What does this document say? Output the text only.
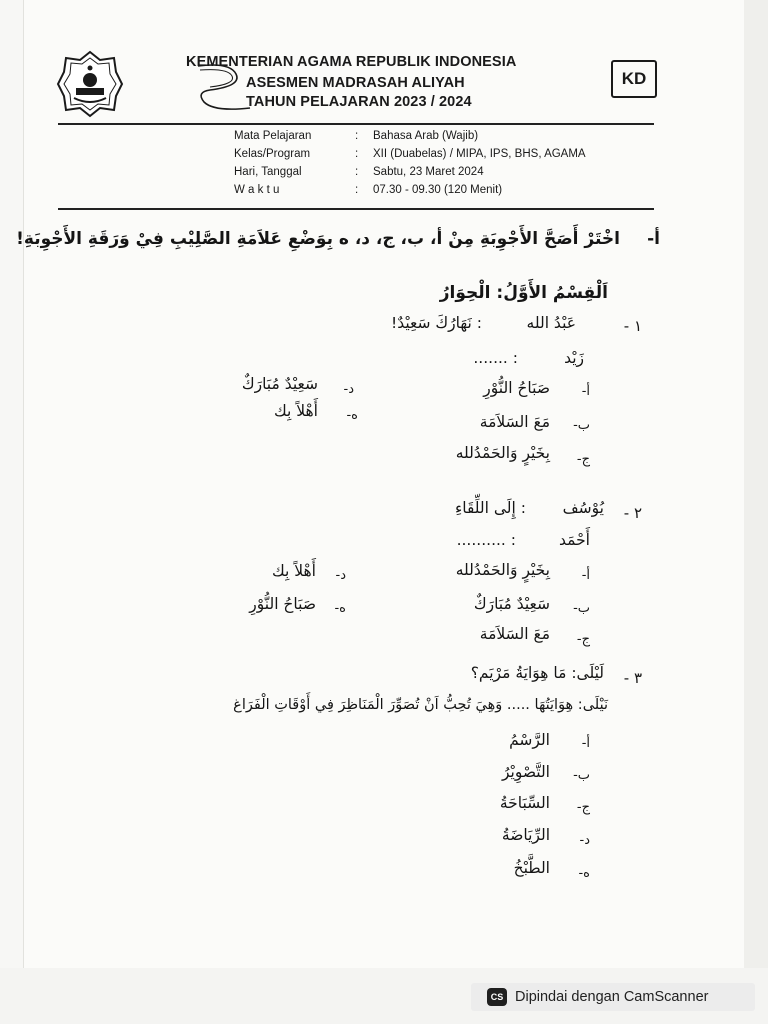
KEMENTERIAN AGAMA REPUBLIK INDONESIA
ASESMEN MADRASAH ALIYAH
TAHUN PELAJARAN 2023 / 2024
KD
Mata Pelajaran	: Bahasa Arab (Wajib)
Kelas/Program	: XII (Duabelas) / MIPA, IPS, BHS, AGAMA
Hari, Tanggal	: Sabtu, 23 Maret 2024
W a k t u	: 07.30 - 09.30 (120 Menit)
أ-
اخْتَرْ أَصَحَّ الأَجْوِبَةِ مِنْ أ، ب، ج، د، ه بِوَضْعِ عَلاَمَةِ الصَّلِيْبِ فِيْ وَرَقَةِ الأَجْوِبَةِ!
اَلْقِسْمُ الأَوَّلُ: الْحِوَارُ
١ -
عَبْدُ الله
: نَهَارُكَ سَعِيْدٌ!
زَيْد
: .......
أ-
صَبَاحُ النُّوْرِ
ب-
مَعَ السَلاَمَة
ج-
بِخَيْرٍ وَالحَمْدُلله
د-
سَعِيْدٌ مُبَارَكٌ
ه-
أَهْلاً بِك
٢ -
يُوْسُف
: إِلَى اللِّقَاءِ
أَحْمَد
: ..........
أ-
بِخَيْرٍ وَالحَمْدُلله
ب-
سَعِيْدٌ مُبَارَكٌ
ج-
مَعَ السَلاَمَة
د-
أَهْلاً بِك
ه-
صَبَاحُ النُّوْرِ
٣ -
لَيْلَى: مَا هِوَايَةُ مَرْيَم؟
نَيْلَى: هِوَايَتُهَا ..... وَهِيَ تُحِبُّ اَنْ تُصَوِّرَ الْمَنَاظِرَ فِي أَوْقَاتِ الْفَرَاغ
أ-
الرَّسْمُ
ب-
التَّصْوِيْرُ
ج-
السِّبَاحَةُ
د-
الرِّيَاضَةُ
ه-
الطَّبْخُ
CS Dipindai dengan CamScanner
